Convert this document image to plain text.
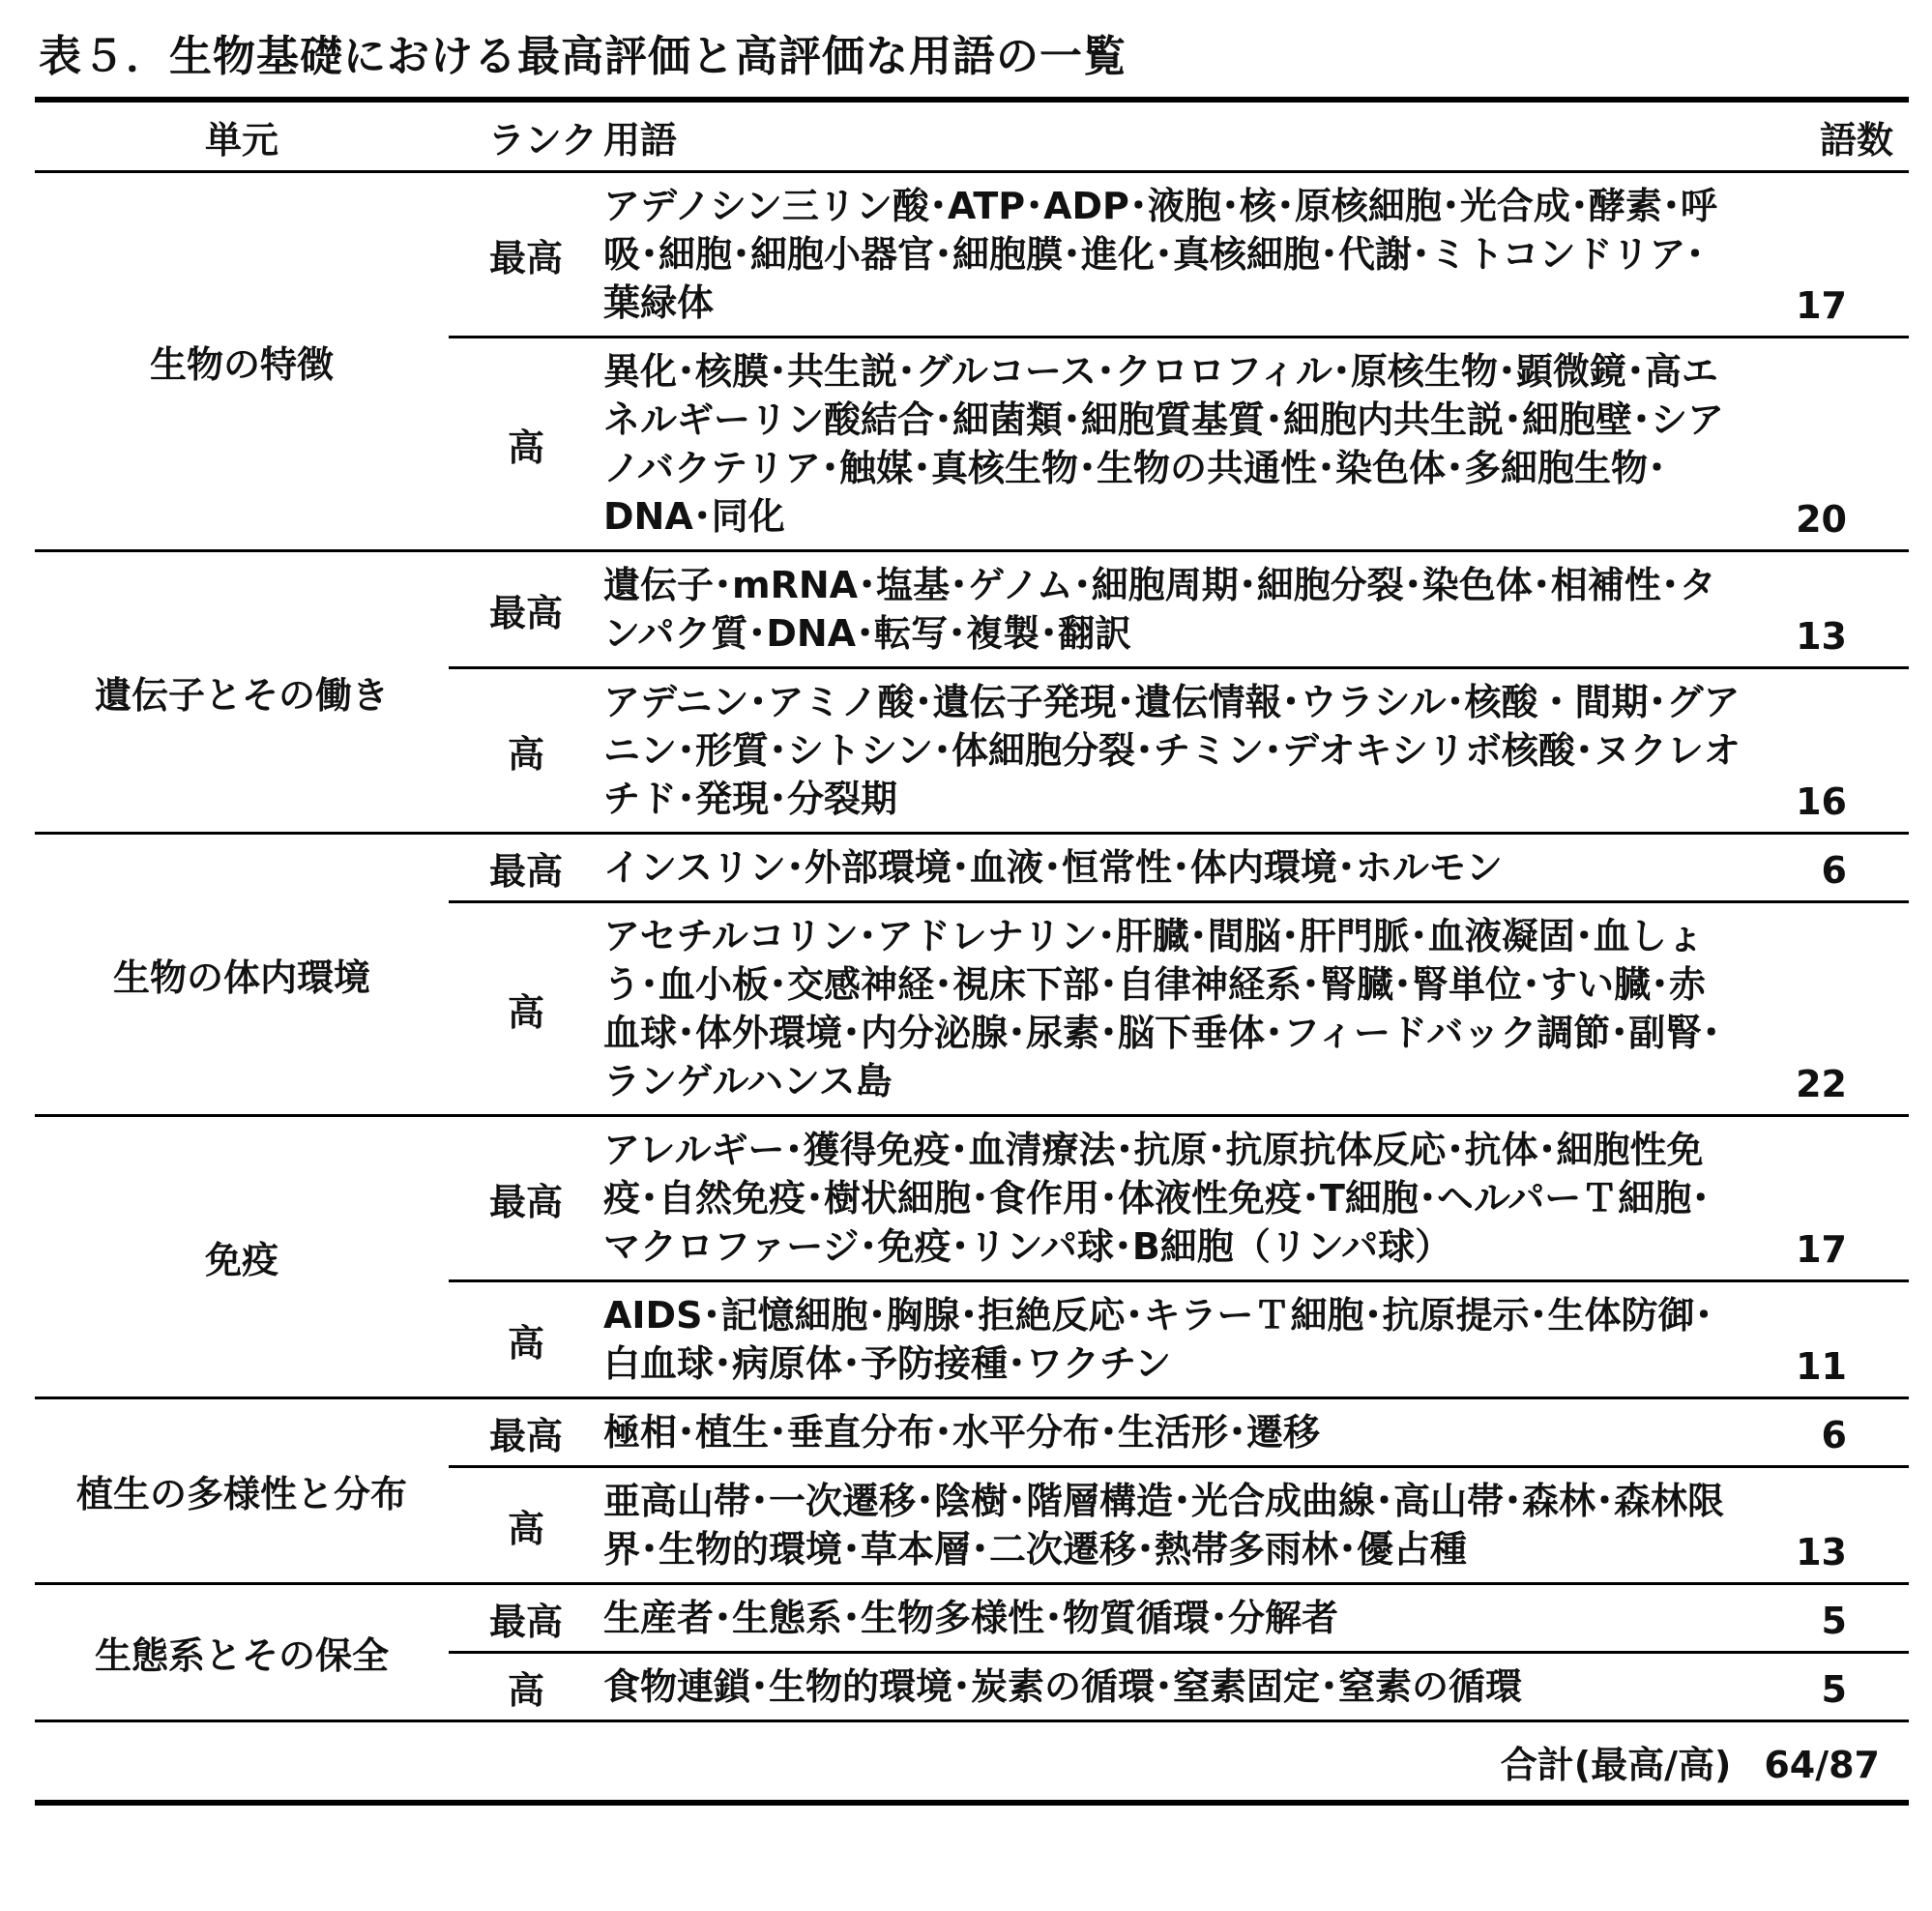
表５．生物基礎における最高評価と高評価な用語の一覧
単元	ランク	用語	語数
生物の特徴	最高	アデノシン三リン酸･ATP･ADP･液胞･核･原核細胞･光合成･酵素･呼吸･細胞･細胞小器官･細胞膜･進化･真核細胞･代謝･ミトコンドリア･葉緑体	17
	高	異化･核膜･共生説･グルコース･クロロフィル･原核生物･顕微鏡･高エネルギーリン酸結合･細菌類･細胞質基質･細胞内共生説･細胞壁･シアノバクテリア･触媒･真核生物･生物の共通性･染色体･多細胞生物･DNA･同化	20
遺伝子とその働き	最高	遺伝子･mRNA･塩基･ゲノム･細胞周期･細胞分裂･染色体･相補性･タンパク質･DNA･転写･複製･翻訳	13
	高	アデニン･アミノ酸･遺伝子発現･遺伝情報･ウラシル･核酸・間期･グアニン･形質･シトシン･体細胞分裂･チミン･デオキシリボ核酸･ヌクレオチド･発現･分裂期	16
生物の体内環境	最高	インスリン･外部環境･血液･恒常性･体内環境･ホルモン	6
	高	アセチルコリン･アドレナリン･肝臓･間脳･肝門脈･血液凝固･血しょう･血小板･交感神経･視床下部･自律神経系･腎臓･腎単位･すい臓･赤血球･体外環境･内分泌腺･尿素･脳下垂体･フィードバック調節･副腎･ランゲルハンス島	22
免疫	最高	アレルギー･獲得免疫･血清療法･抗原･抗原抗体反応･抗体･細胞性免疫･自然免疫･樹状細胞･食作用･体液性免疫･T細胞･ヘルパーＴ細胞･マクロファージ･免疫･リンパ球･B細胞（リンパ球）	17
	高	AIDS･記憶細胞･胸腺･拒絶反応･キラーＴ細胞･抗原提示･生体防御･白血球･病原体･予防接種･ワクチン	11
植生の多様性と分布	最高	極相･植生･垂直分布･水平分布･生活形･遷移	6
	高	亜高山帯･一次遷移･陰樹･階層構造･光合成曲線･高山帯･森林･森林限界･生物的環境･草本層･二次遷移･熱帯多雨林･優占種	13
生態系とその保全	最高	生産者･生態系･生物多様性･物質循環･分解者	5
	高	食物連鎖･生物的環境･炭素の循環･窒素固定･窒素の循環	5
合計(最高/高) 64/87			
